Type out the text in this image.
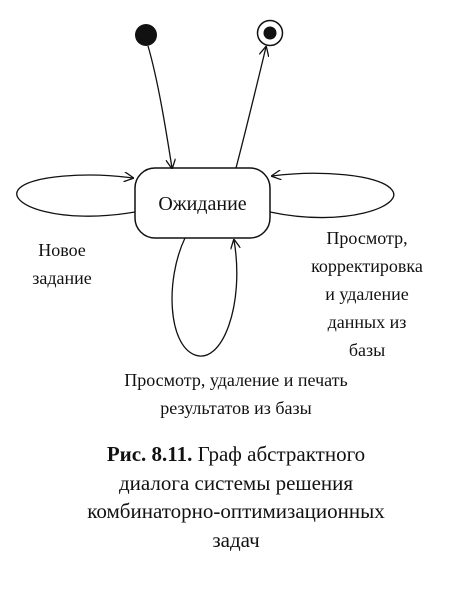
Ожидание
Новое
задание
Просмотр,
корректировка
и удаление
данных из
базы
Просмотр, удаление и печать
результатов из базы
Рис. 8.11. Граф абстрактного
диалога системы решения
комбинаторно-оптимизационных
задач
